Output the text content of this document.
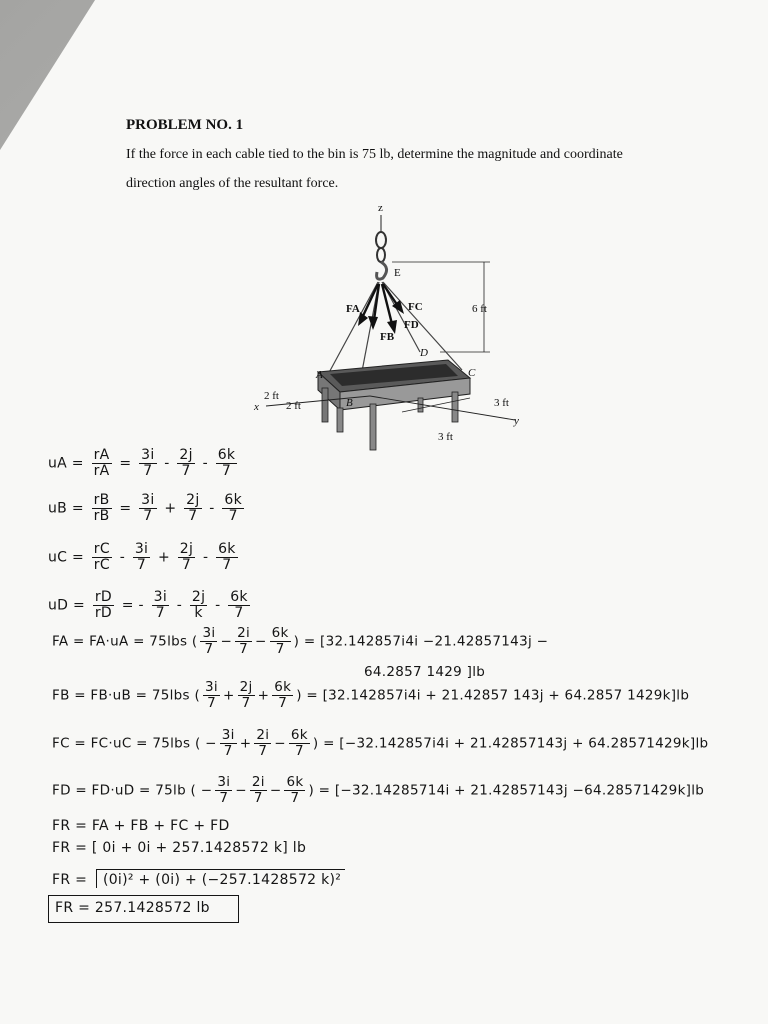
PROBLEM NO. 1
If the force in each cable tied to the bin is 75 lb, determine the magnitude and coordinate
direction angles of the resultant force.
z
E
6 ft
FA
FB
FC
FD
x
y
2 ft
2 ft	3 ft
3 ft
A
B
C
D
uA = $\frac{rA}{rA} = \frac{3i}{7} - \frac{2j}{7} - \frac{6k}{7}$
uB = $\frac{rB}{rB} = \frac{3i}{7} + \frac{2j}{7} - \frac{6k}{7}$
uC = $\frac{rC}{rC} - \frac{3i}{7} + \frac{2j}{7} - \frac{6k}{7}$
uD = $\frac{rD}{rD}$ = - $\frac{3i}{7} - \frac{2j}{k} - \frac{6k}{7}$
FA = FA·uA = 75lbs ( $\frac{3i}{7} - \frac{2i}{7} - \frac{6k}{7}$ ) = [32.142857i4i −21.42857143j −
64.2857 1429 ]lb
FB = FB·uB = 75lbs ( $\frac{3i}{7} + \frac{2j}{7} + \frac{6k}{7}$ ) = [32.142857i4i + 21.42857 143j + 64.2857 1429k]lb
FC = FC·uC = 75lbs ( − $\frac{3i}{7} + \frac{2i}{7} - \frac{6k}{7}$ ) = [−32.142857i4i + 21.42857143j + 64.28571429k]lb
FD = FD·uD = 75lb ( − $\frac{3i}{7} - \frac{2i}{7} - \frac{6k}{7}$ ) = [−32.14285714i + 21.42857143j −64.28571429k]lb
FR = FA + FB + FC + FD
FR = [ 0i + 0i + 257.1428572 k] lb
FR = (0i)² + (0i) + (−257.1428572 k)²
FR = 257.1428572 lb
